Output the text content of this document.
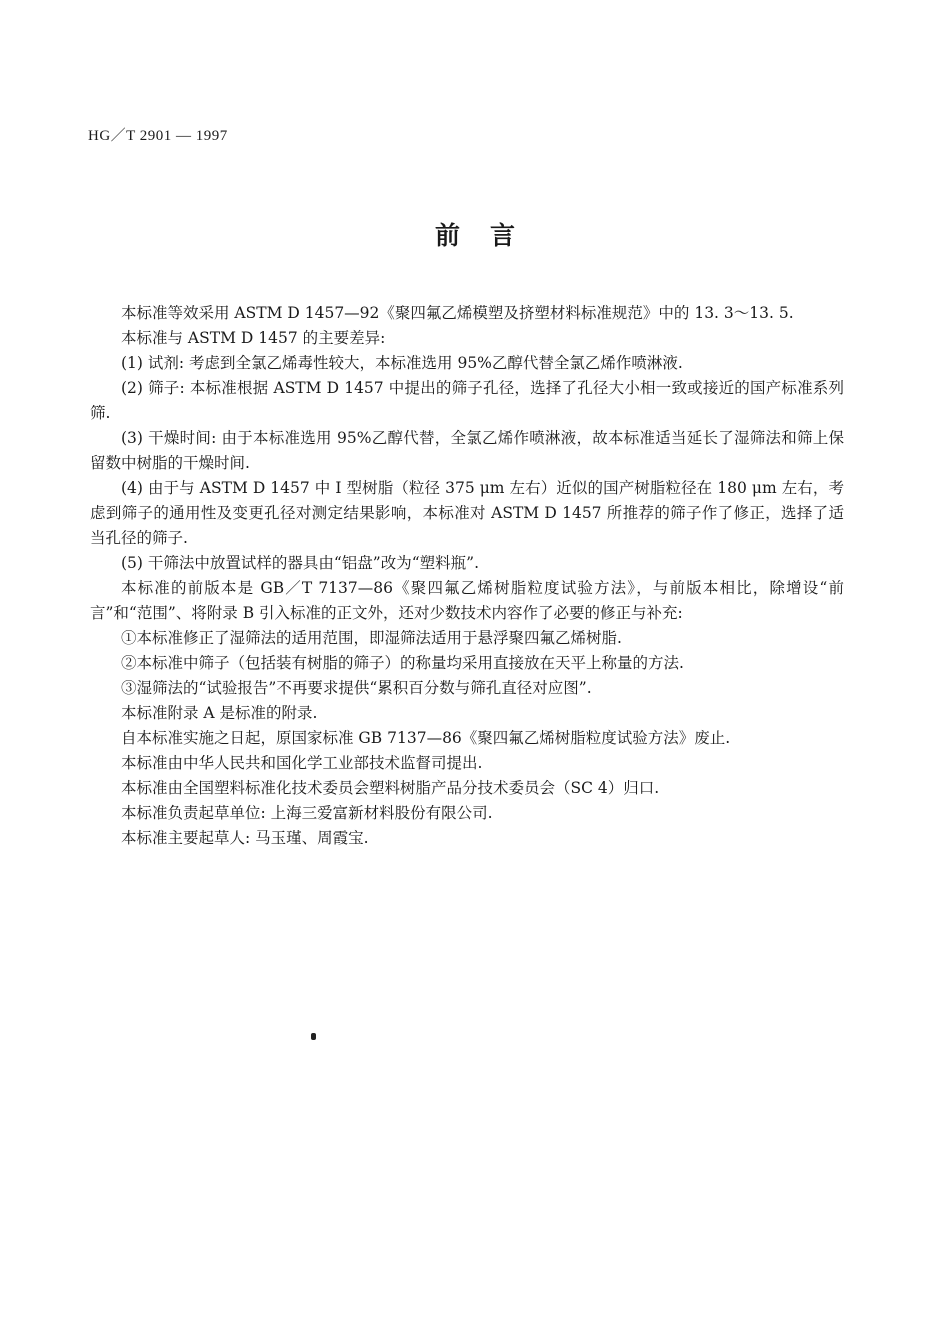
HG／T 2901 — 1997
前言

本标准等效采用 ASTM D 1457—92《聚四氟乙烯模塑及挤塑材料标准规范》中的 13. 3～13. 5.

本标准与 ASTM D 1457 的主要差异:

(1) 试剂: 考虑到全氯乙烯毒性较大，本标准选用 95%乙醇代替全氯乙烯作喷淋液.

(2) 筛子: 本标准根据 ASTM D 1457 中提出的筛子孔径，选择了孔径大小相一致或接近的国产标准系列筛.

(3) 干燥时间: 由于本标准选用 95%乙醇代替，全氯乙烯作喷淋液，故本标准适当延长了湿筛法和筛上保留数中树脂的干燥时间.

(4) 由于与 ASTM D 1457 中 I 型树脂（粒径 375 μm 左右）近似的国产树脂粒径在 180 μm 左右，考虑到筛子的通用性及变更孔径对测定结果影响，本标准对 ASTM D 1457 所推荐的筛子作了修正，选择了适当孔径的筛子.

(5) 干筛法中放置试样的器具由“铝盘”改为“塑料瓶”.

本标准的前版本是 GB／T 7137—86《聚四氟乙烯树脂粒度试验方法》，与前版本相比，除增设“前言”和“范围”、将附录 B 引入标准的正文外，还对少数技术内容作了必要的修正与补充:

①本标准修正了湿筛法的适用范围，即湿筛法适用于悬浮聚四氟乙烯树脂.

②本标准中筛子（包括装有树脂的筛子）的称量均采用直接放在天平上称量的方法.

③湿筛法的“试验报告”不再要求提供“累积百分数与筛孔直径对应图”.

本标准附录 A 是标准的附录.

自本标准实施之日起，原国家标准 GB 7137—86《聚四氟乙烯树脂粒度试验方法》废止.

本标准由中华人民共和国化学工业部技术监督司提出.

本标准由全国塑料标准化技术委员会塑料树脂产品分技术委员会（SC 4）归口.

本标准负责起草单位: 上海三爱富新材料股份有限公司.

本标准主要起草人: 马玉瑾、周霞宝.
